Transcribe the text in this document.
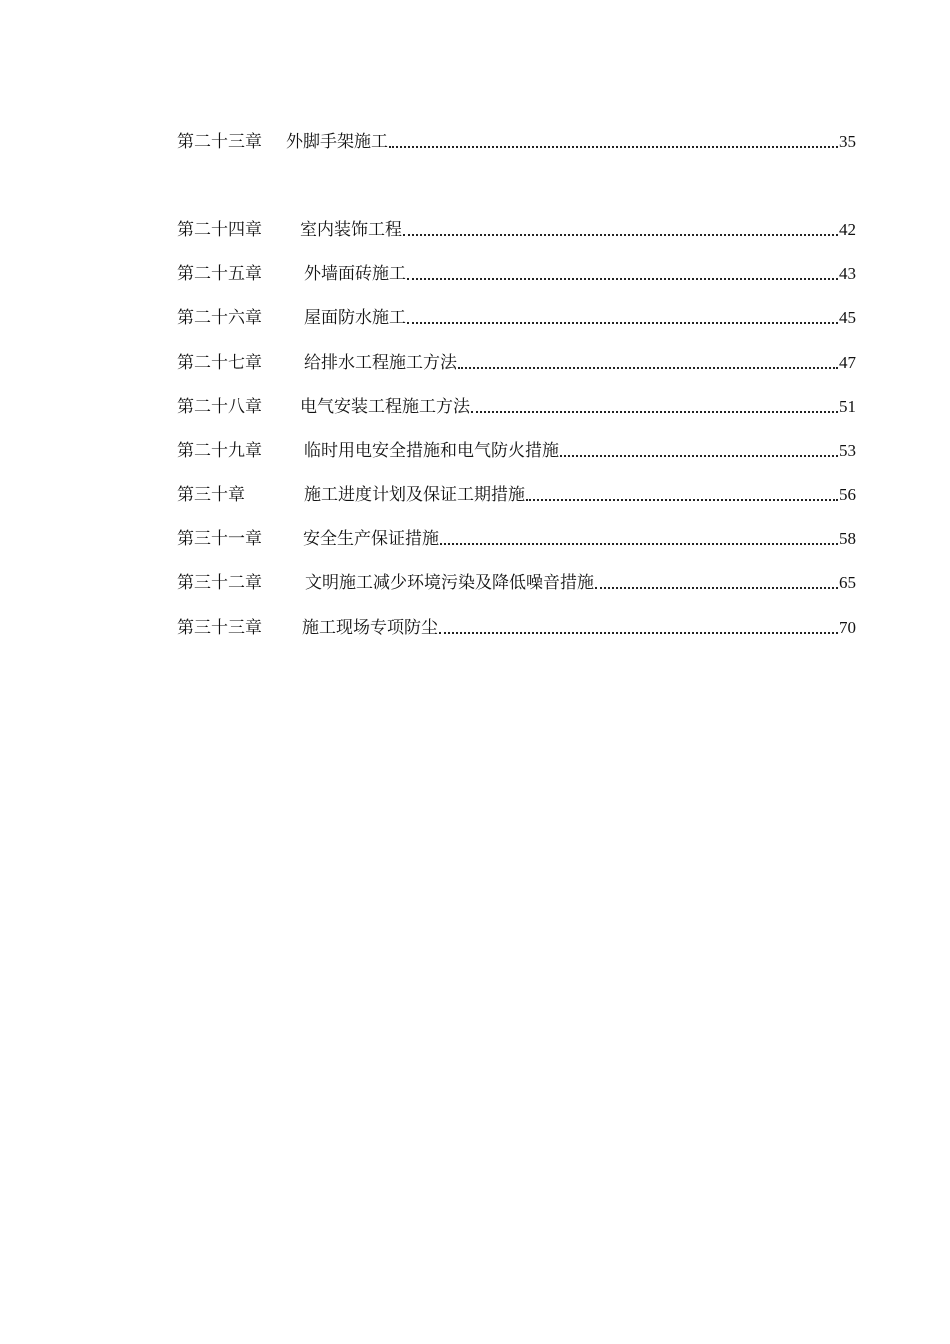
第二十三章 外脚手架施工	35
第二十四章 室内装饰工程	42
第二十五章 外墙面砖施工	43
第二十六章 屋面防水施工	45
第二十七章 给排水工程施工方法	47
第二十八章 电气安装工程施工方法	51
第二十九章 临时用电安全措施和电气防火措施	53
第三十章	施工进度计划及保证工期措施	56
第三十一章 安全生产保证措施	58
第三十二章	文明施工减少环境污染及降低噪音措施	65
第三十三章 施工现场专项防尘	70
